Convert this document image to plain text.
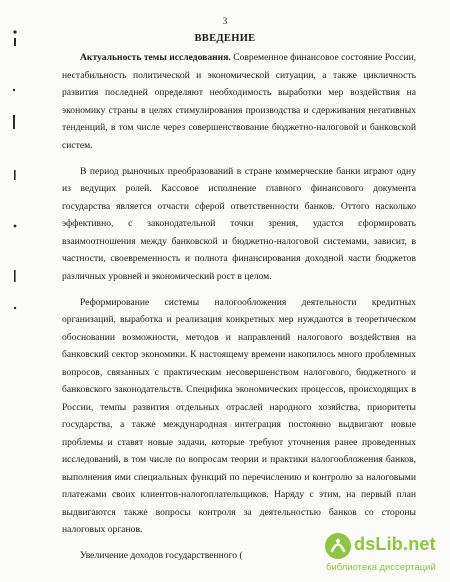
3
ВВЕДЕНИЕ

Актуальность темы исследования. Современное финансовое состояние России, нестабильность политической и экономической ситуации, а также цикличность развития последней определяют необходимость выработки мер воздействия на экономику страны в целях стимулирования производства и сдерживания негативных тенденций, в том числе через совершенствование бюджетно-налоговой и банковской систем.

В период рыночных преобразований в стране коммерческие банки играют одну из ведущих ролей. Кассовое исполнение главного финансового документа государства является отчасти сферой ответственности банков. Оттого насколько эффективно, с законодательной точки зрения, удастся сформировать взаимоотношения между банковской и бюджетно-налоговой системами, зависит, в частности, своевременность и полнота финансирования доходной части бюджетов различных уровней и экономический рост в целом.

Реформирование системы налогообложения деятельности кредитных организаций, выработка и реализация конкретных мер нуждаются в теоретическом обосновании возможности, методов и направлений налогового воздействия на банковский сектор экономики. К настоящему времени накопилось много проблемных вопросов, связанных с практическим несовершенством налогового, бюджетного и банковского законодательств. Специфика экономических процессов, происходящих в России, темпы развития отдельных отраслей народного хозяйства, приоритеты государства, а также международная интеграция постоянно выдвигают новые проблемы и ставят новые задачи, которые требуют уточнения ранее проведенных исследований, в том числе по вопросам теории и практики налогообложения банков, выполнения ими специальных функций по перечислению и контролю за налоговыми платежами своих клиентов-налогоплательщиков. Наряду с этим, на первый план выдвигаются также вопросы контроля за деятельностью банков со стороны налоговых органов.

Увеличение доходов государственного (

dsLib.net
библиотека диссертаций
